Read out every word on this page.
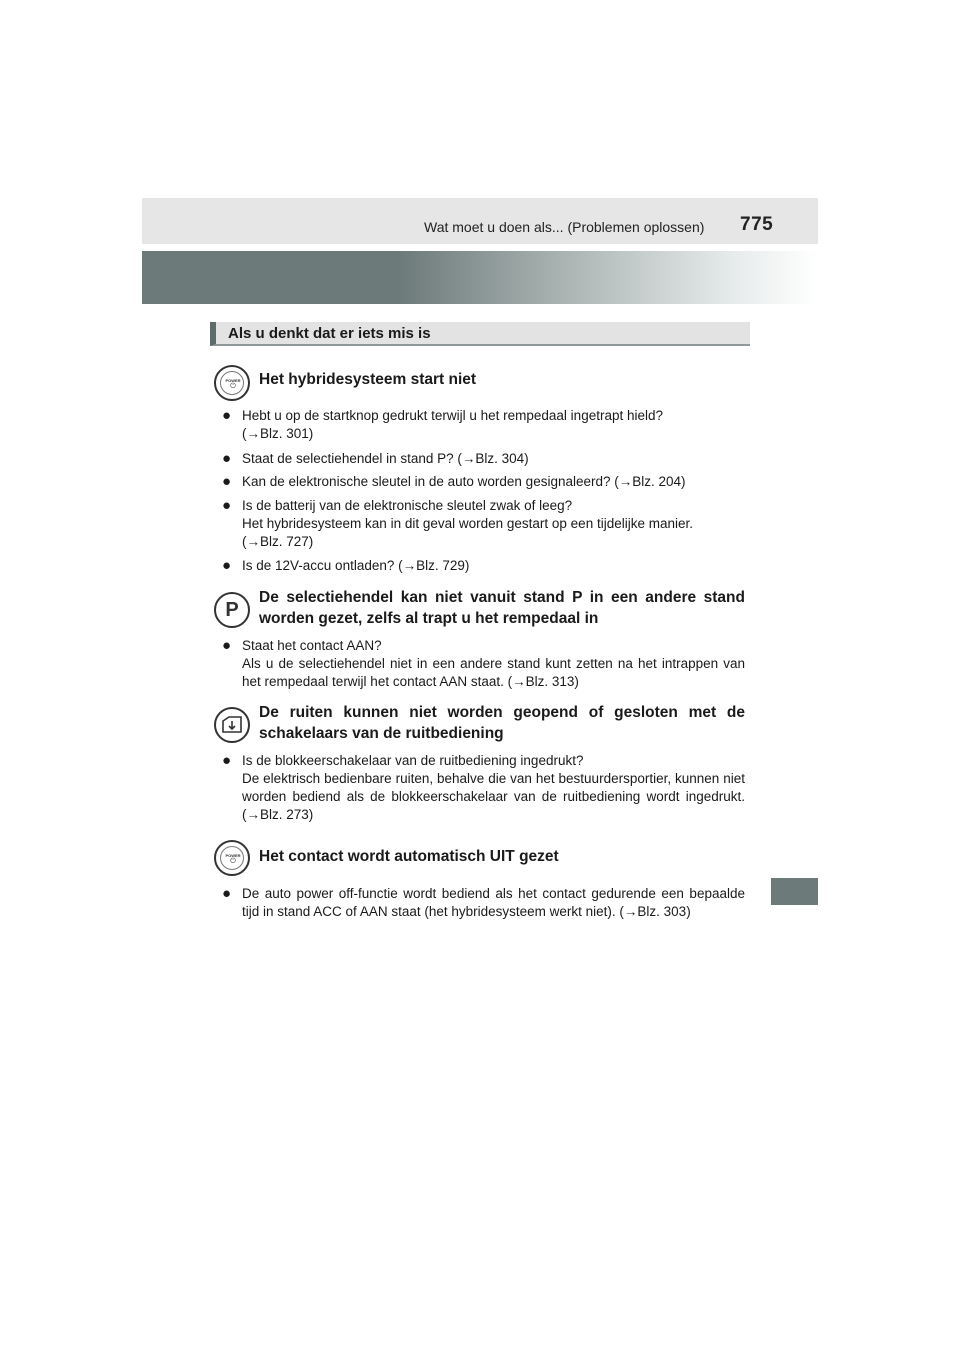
Wat moet u doen als... (Problemen oplossen) 775
Als u denkt dat er iets mis is
POWER
⏻	Het hybridesysteem start niet
● Hebt u op de startknop gedrukt terwijl u het rempedaal ingetrapt hield?
(→Blz. 301)
● Staat de selectiehendel in stand P? (→Blz. 304)
● Kan de elektronische sleutel in de auto worden gesignaleerd? (→Blz. 204)
● Is de batterij van de elektronische sleutel zwak of leeg?
Het hybridesysteem kan in dit geval worden gestart op een tijdelijke manier.
(→Blz. 727)
● Is de 12V-accu ontladen? (→Blz. 729)
P
De selectiehendel kan niet vanuit stand P in een andere stand worden gezet, zelfs al trapt u het rempedaal in
● Staat het contact AAN?
Als u de selectiehendel niet in een andere stand kunt zetten na het intrappen van het rempedaal terwijl het contact AAN staat. (→Blz. 313)
De ruiten kunnen niet worden geopend of gesloten met de schakelaars van de ruitbediening
● Is de blokkeerschakelaar van de ruitbediening ingedrukt?
De elektrisch bedienbare ruiten, behalve die van het bestuurdersportier, kunnen niet worden bediend als de blokkeerschakelaar van de ruitbediening wordt ingedrukt. (→Blz. 273)
POWER
⏻	Het contact wordt automatisch UIT gezet
● De auto power off-functie wordt bediend als het contact gedurende een bepaalde tijd in stand ACC of AAN staat (het hybridesysteem werkt niet). (→Blz. 303)
